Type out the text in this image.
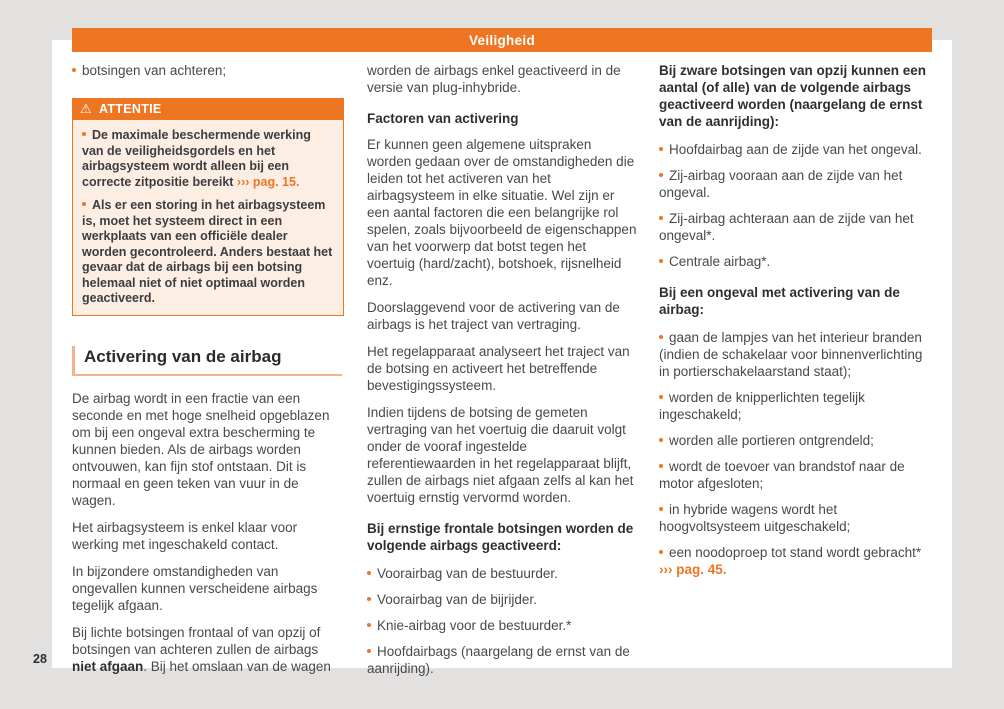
Veiligheid

botsingen van achteren;

⚠ ATTENTIE

De maximale beschermende werking van de veiligheidsgordels en het airbagsysteem wordt alleen bij een correcte zitpositie bereikt ››› pag. 15.

Als er een storing in het airbagsysteem is, moet het systeem direct in een werkplaats van een officiële dealer worden gecontroleerd. Anders bestaat het gevaar dat de airbags bij een botsing helemaal niet of niet optimaal worden geactiveerd.

Activering van de airbag

De airbag wordt in een fractie van een seconde en met hoge snelheid opgeblazen om bij een ongeval extra bescherming te kunnen bieden. Als de airbags worden ontvouwen, kan fijn stof ontstaan. Dit is normaal en geen teken van vuur in de wagen.

Het airbagsysteem is enkel klaar voor werking met ingeschakeld contact.

In bijzondere omstandigheden van ongevallen kunnen verscheidene airbags tegelijk afgaan.

Bij lichte botsingen frontaal of van opzij of botsingen van achteren zullen de airbags niet afgaan. Bij het omslaan van de wagen

worden de airbags enkel geactiveerd in de versie van plug-inhybride.

Factoren van activering

Er kunnen geen algemene uitspraken worden gedaan over de omstandigheden die leiden tot het activeren van het airbagsysteem in elke situatie. Wel zijn er een aantal factoren die een belangrijke rol spelen, zoals bijvoorbeeld de eigenschappen van het voorwerp dat botst tegen het voertuig (hard/zacht), botshoek, rijsnelheid enz.

Doorslaggevend voor de activering van de airbags is het traject van vertraging.

Het regelapparaat analyseert het traject van de botsing en activeert het betreffende bevestigingssysteem.

Indien tijdens de botsing de gemeten vertraging van het voertuig die daaruit volgt onder de vooraf ingestelde referentiewaarden in het regelapparaat blijft, zullen de airbags niet afgaan zelfs al kan het voertuig ernstig vervormd worden.

Bij ernstige frontale botsingen worden de volgende airbags geactiveerd:

Voorairbag van de bestuurder.

Voorairbag van de bijrijder.

Knie-airbag voor de bestuurder.*

Hoofdairbags (naargelang de ernst van de aanrijding).

Bij zware botsingen van opzij kunnen een aantal (of alle) van de volgende airbags geactiveerd worden (naargelang de ernst van de aanrijding):

Hoofdairbag aan de zijde van het ongeval.

Zij-airbag vooraan aan de zijde van het ongeval.

Zij-airbag achteraan aan de zijde van het ongeval*.

Centrale airbag*.

Bij een ongeval met activering van de airbag:

gaan de lampjes van het interieur branden (indien de schakelaar voor binnenverlichting in portierschakelaarstand staat);

worden de knipperlichten tegelijk ingeschakeld;

worden alle portieren ontgrendeld;

wordt de toevoer van brandstof naar de motor afgesloten;

in hybride wagens wordt het hoogvoltsysteem uitgeschakeld;

een noodoproep tot stand wordt gebracht* ››› pag. 45.

28
